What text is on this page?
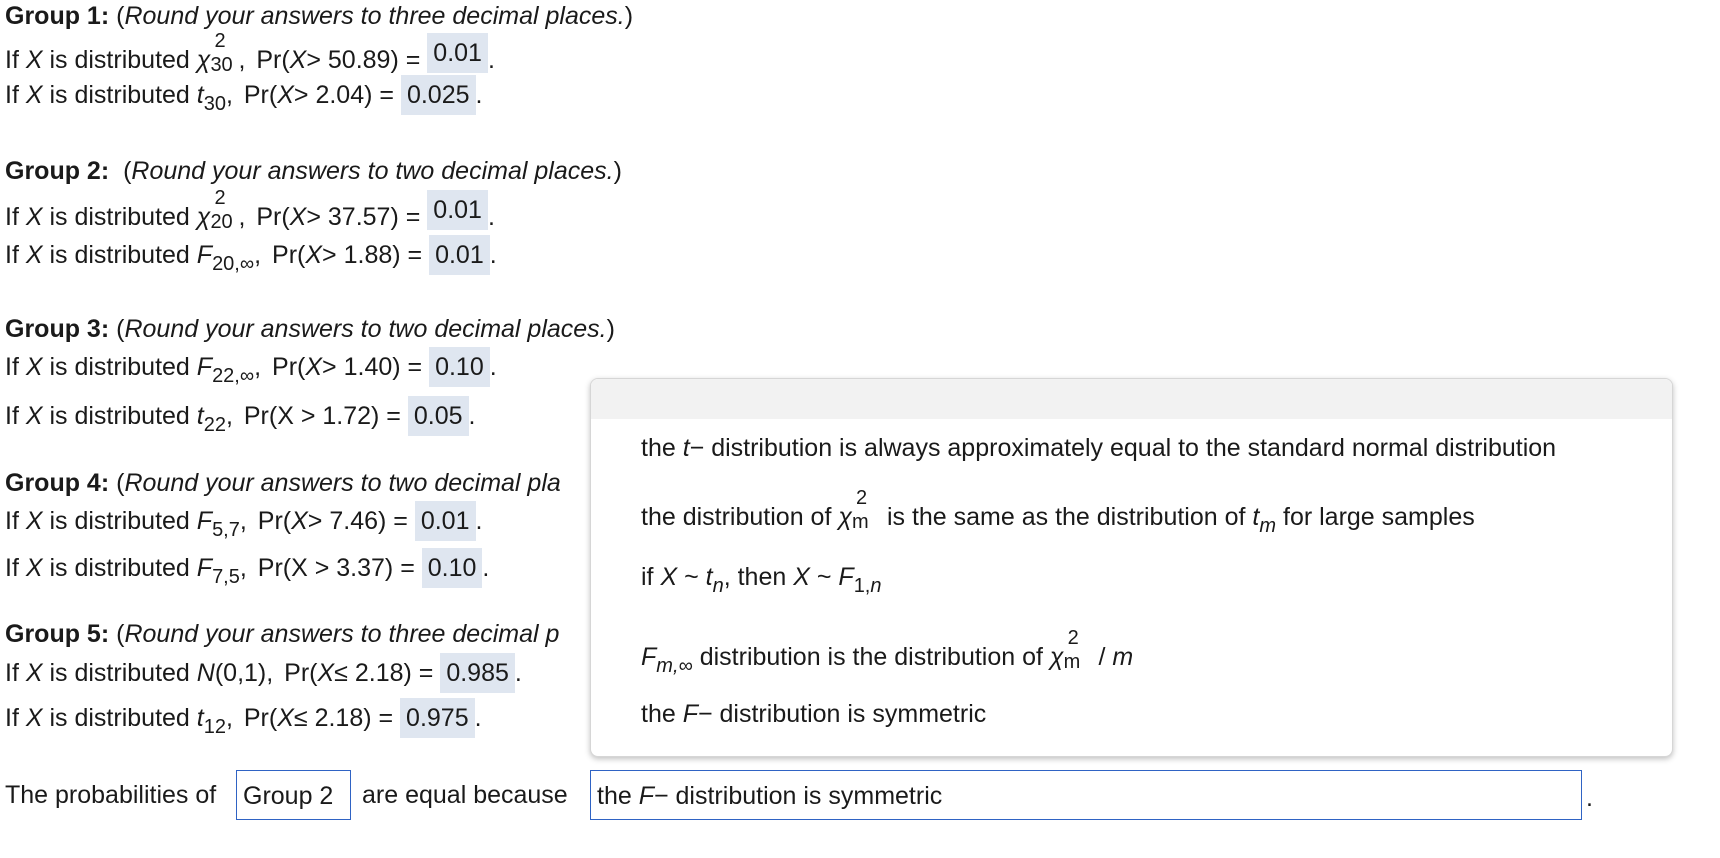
Group 1: (Round your answers to three decimal places.)
If X is distributed χ
2
30 , Pr(X> 50.89) = 0.01 .
If X is distributed $t_{30}$, Pr(X> 2.04) = 0.025 .
Group 2:  (Round your answers to two decimal places.)
If X is distributed χ
2
20 , Pr(X> 37.57) = 0.01 .
If X is distributed $F_{20,\infty}$, Pr(X> 1.88) = 0.01 .
Group 3: (Round your answers to two decimal places.)
If X is distributed $F_{22,\infty}$, Pr(X> 1.40) = 0.10 .
If X is distributed $t_{22}$, Pr(X > 1.72) = 0.05 .
Group 4: (Round your answers to two decimal pla
If X is distributed $F_{5,7}$, Pr(X> 7.46) = 0.01 .
If X is distributed $F_{7,5}$, Pr(X > 3.37) = 0.10 .
Group 5: (Round your answers to three decimal p
If X is distributed N(0,1), Pr(X≤ 2.18) = 0.985 .
If X is distributed $t_{12}$, Pr(X≤ 2.18) = 0.975 .
The probabilities of Group 2	are equal because the F− distribution is symmetric	.
the t− distribution is always approximately equal to the standard normal distribution
the distribution of χ
2
m is the same as the distribution of $t_m$ for large samples
if X ~ $t_n$, then X ~ $F_{1,n}$
$F_{m,\infty}$ distribution is the distribution of χ
2
m / m
the F− distribution is symmetric
